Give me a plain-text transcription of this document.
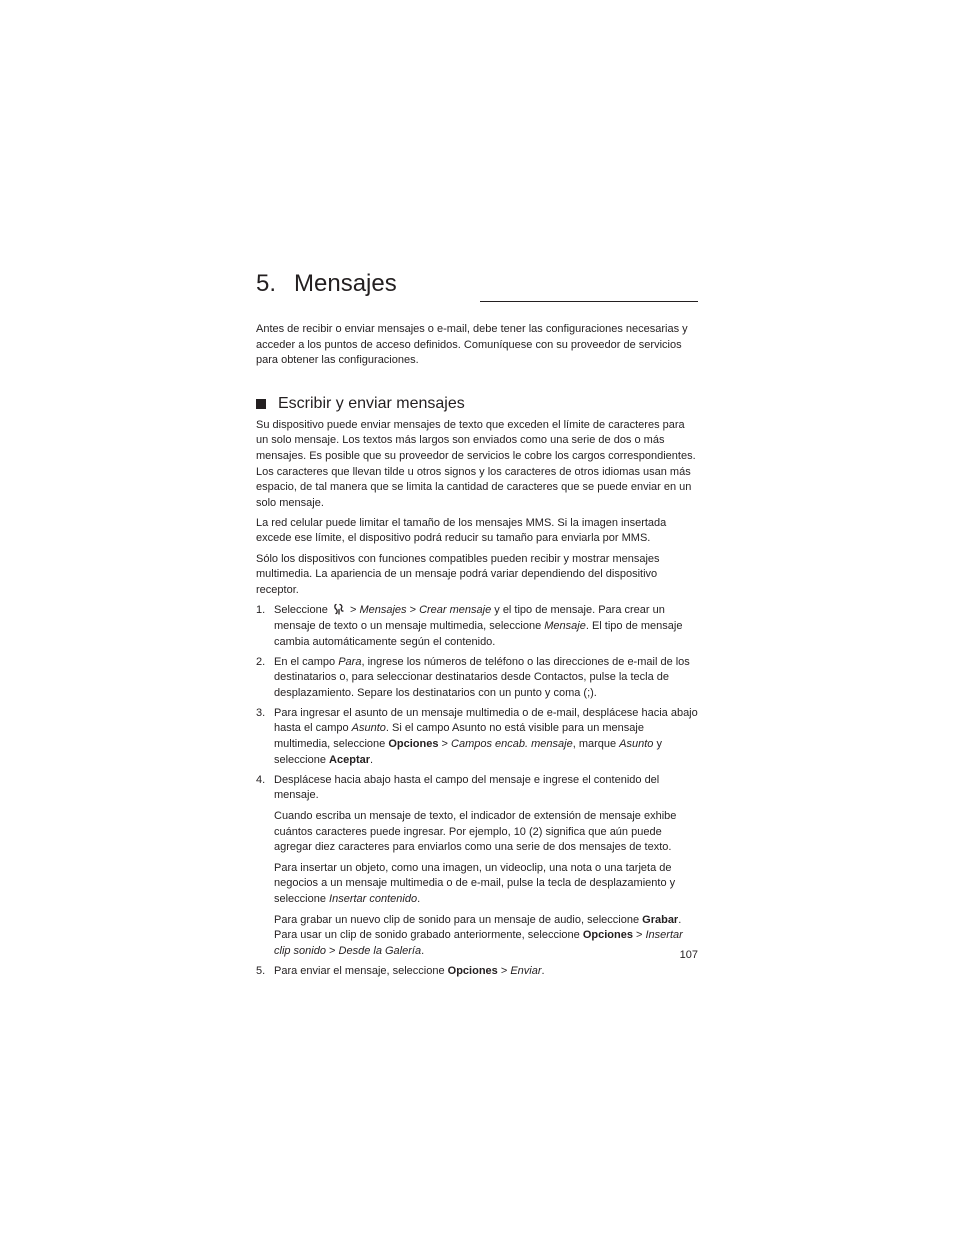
5. Mensajes

Antes de recibir o enviar mensajes o e-mail, debe tener las configuraciones necesarias y acceder a los puntos de acceso definidos. Comuníquese con su proveedor de servicios para obtener las configuraciones.

Escribir y enviar mensajes

Su dispositivo puede enviar mensajes de texto que exceden el límite de caracteres para un solo mensaje. Los textos más largos son enviados como una serie de dos o más mensajes. Es posible que su proveedor de servicios le cobre los cargos correspondientes. Los caracteres que llevan tilde u otros signos y los caracteres de otros idiomas usan más espacio, de tal manera que se limita la cantidad de caracteres que se puede enviar en un solo mensaje.

La red celular puede limitar el tamaño de los mensajes MMS. Si la imagen insertada excede ese límite, el dispositivo podrá reducir su tamaño para enviarla por MMS.

Sólo los dispositivos con funciones compatibles pueden recibir y mostrar mensajes multimedia. La apariencia de un mensaje podrá variar dependiendo del dispositivo receptor.

1. Seleccione  > Mensajes > Crear mensaje y el tipo de mensaje. Para crear un mensaje de texto o un mensaje multimedia, seleccione Mensaje. El tipo de mensaje cambia automáticamente según el contenido.
2. En el campo Para, ingrese los números de teléfono o las direcciones de e-mail de los destinatarios o, para seleccionar destinatarios desde Contactos, pulse la tecla de desplazamiento. Separe los destinatarios con un punto y coma (;).
3. Para ingresar el asunto de un mensaje multimedia o de e-mail, desplácese hacia abajo hasta el campo Asunto. Si el campo Asunto no está visible para un mensaje multimedia, seleccione Opciones > Campos encab. mensaje, marque Asunto y seleccione Aceptar.
4. Desplácese hacia abajo hasta el campo del mensaje e ingrese el contenido del mensaje.
Cuando escriba un mensaje de texto, el indicador de extensión de mensaje exhibe cuántos caracteres puede ingresar. Por ejemplo, 10 (2) significa que aún puede agregar diez caracteres para enviarlos como una serie de dos mensajes de texto.
Para insertar un objeto, como una imagen, un videoclip, una nota o una tarjeta de negocios a un mensaje multimedia o de e-mail, pulse la tecla de desplazamiento y seleccione Insertar contenido.
Para grabar un nuevo clip de sonido para un mensaje de audio, seleccione Grabar.
Para usar un clip de sonido grabado anteriormente, seleccione Opciones > Insertar clip sonido > Desde la Galería.
5. Para enviar el mensaje, seleccione Opciones > Enviar.
107
